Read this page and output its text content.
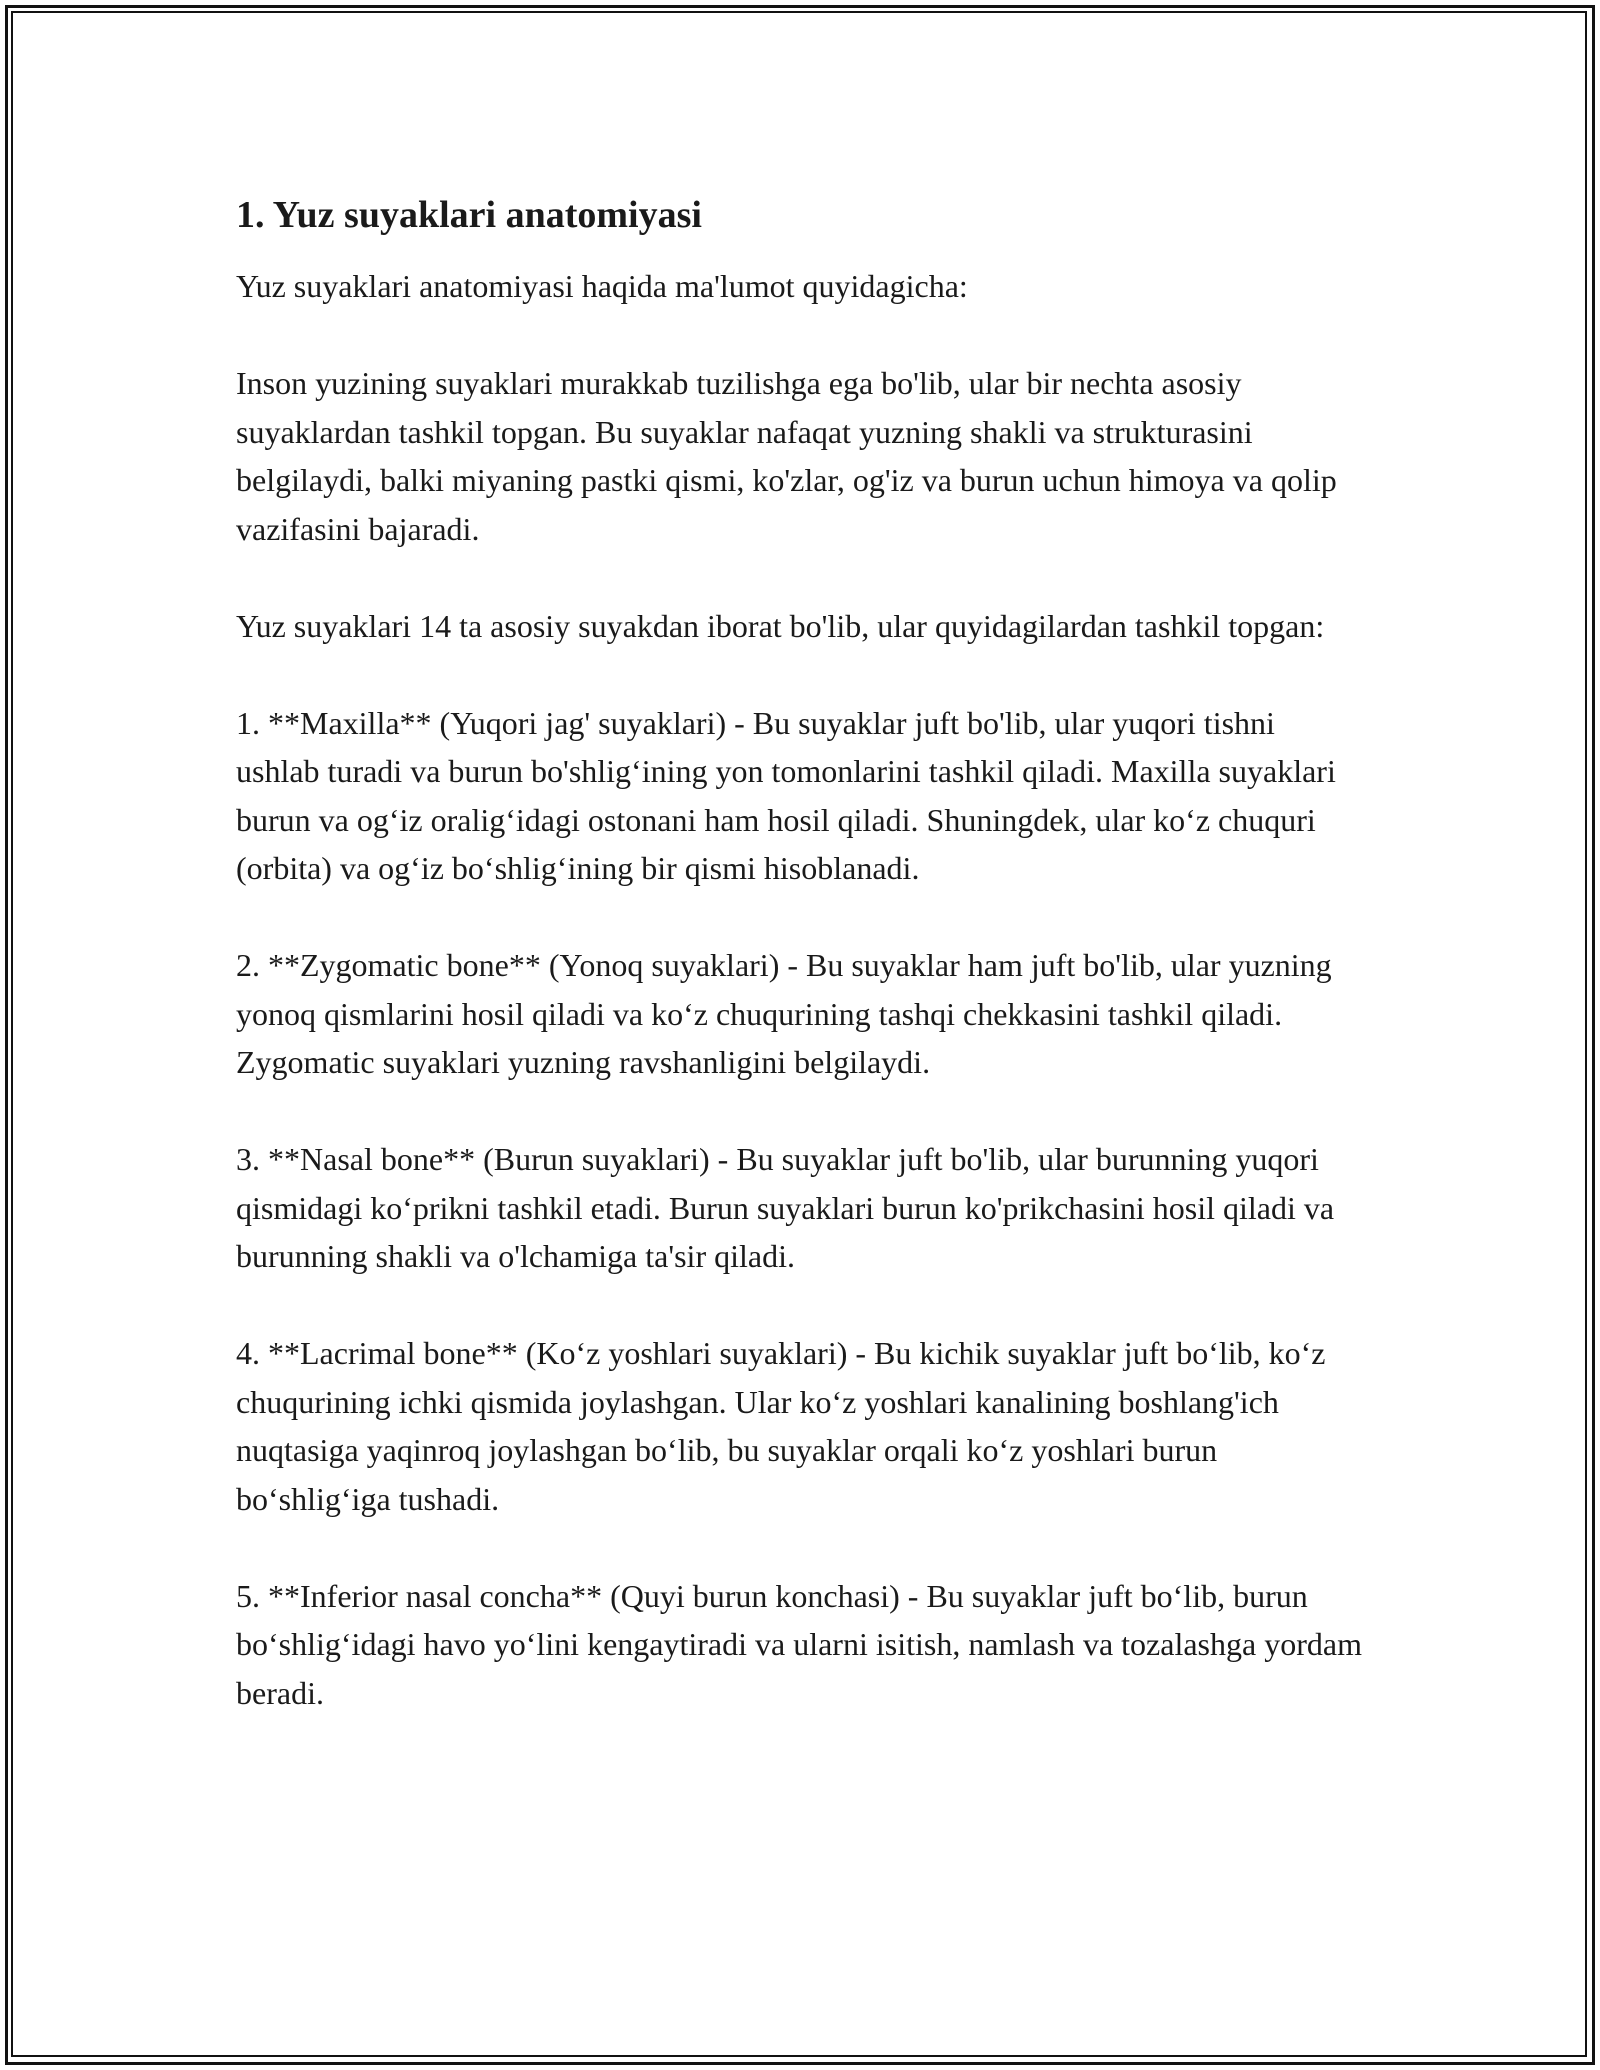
1. Yuz suyaklari anatomiyasi

Yuz suyaklari anatomiyasi haqida ma'lumot quyidagicha:

Inson yuzining suyaklari murakkab tuzilishga ega bo'lib, ular bir nechta asosiy suyaklardan tashkil topgan. Bu suyaklar nafaqat yuzning shakli va strukturasini belgilaydi, balki miyaning pastki qismi, ko'zlar, og'iz va burun uchun himoya va qolip vazifasini bajaradi.

Yuz suyaklari 14 ta asosiy suyakdan iborat bo'lib, ular quyidagilardan tashkil topgan:

1. **Maxilla** (Yuqori jag' suyaklari) - Bu suyaklar juft bo'lib, ular yuqori tishni ushlab turadi va burun bo'shlig‘ining yon tomonlarini tashkil qiladi. Maxilla suyaklari burun va og‘iz oralig‘idagi ostonani ham hosil qiladi. Shuningdek, ular ko‘z chuquri (orbita) va og‘iz bo‘shlig‘ining bir qismi hisoblanadi.

2. **Zygomatic bone** (Yonoq suyaklari) - Bu suyaklar ham juft bo'lib, ular yuzning yonoq qismlarini hosil qiladi va ko‘z chuqurining tashqi chekkasini tashkil qiladi. Zygomatic suyaklari yuzning ravshanligini belgilaydi.

3. **Nasal bone** (Burun suyaklari) - Bu suyaklar juft bo'lib, ular burunning yuqori qismidagi ko‘prikni tashkil etadi. Burun suyaklari burun ko'prikchasini hosil qiladi va burunning shakli va o'lchamiga ta'sir qiladi.

4. **Lacrimal bone** (Ko‘z yoshlari suyaklari) - Bu kichik suyaklar juft bo‘lib, ko‘z chuqurining ichki qismida joylashgan. Ular ko‘z yoshlari kanalining boshlang'ich nuqtasiga yaqinroq joylashgan bo‘lib, bu suyaklar orqali ko‘z yoshlari burun bo‘shlig‘iga tushadi.

5. **Inferior nasal concha** (Quyi burun konchasi) - Bu suyaklar juft bo‘lib, burun bo‘shlig‘idagi havo yo‘lini kengaytiradi va ularni isitish, namlash va tozalashga yordam beradi.
